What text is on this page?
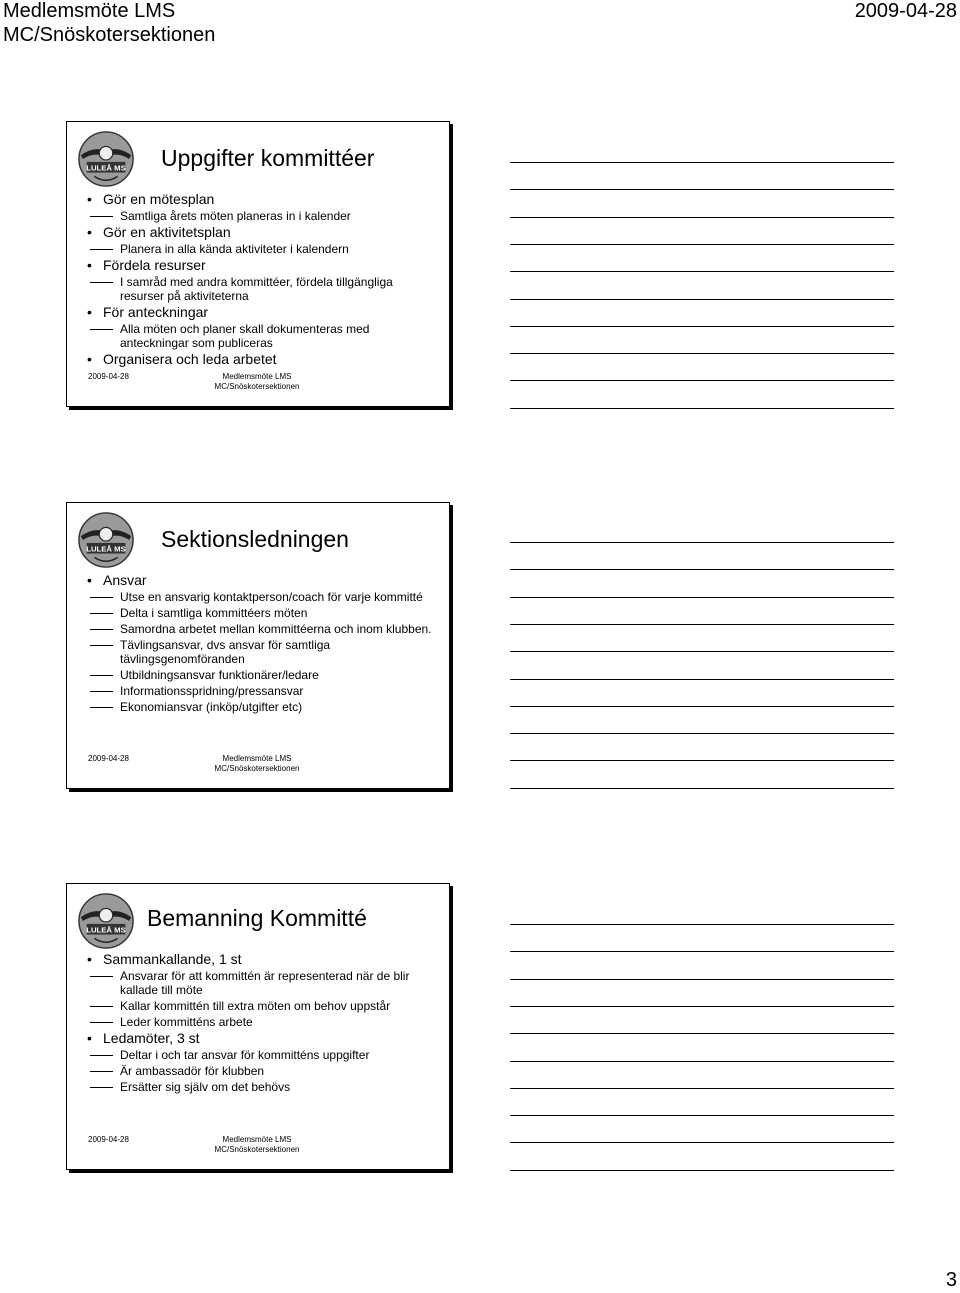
Medlemsmöte LMS
MC/Snöskotersektionen
2009-04-28
LULEÅ MS Uppgifter kommittéer
• Gör en mötesplan
Samtliga årets möten planeras in i kalender
• Gör en aktivitetsplan
Planera in alla kända aktiviteter i kalendern
• Fördela resurser
I samråd med andra kommittéer, fördela tillgängliga resurser på aktiviteterna
• För anteckningar
Alla möten och planer skall dokumenteras med anteckningar som publiceras
• Organisera och leda arbetet
2009-04-28	Medlemsmöte LMS
MC/Snöskotersektionen
LULEÅ MS Sektionsledningen
• Ansvar
Utse en ansvarig kontaktperson/coach för varje kommitté
Delta i samtliga kommittéers möten
Samordna arbetet mellan kommittéerna och inom klubben.
Tävlingsansvar, dvs ansvar för samtliga tävlingsgenomföranden
Utbildningsansvar funktionärer/ledare
Informationsspridning/pressansvar
Ekonomiansvar (inköp/utgifter etc)
2009-04-28	Medlemsmöte LMS
MC/Snöskotersektionen
LULEÅ MS Bemanning Kommitté
• Sammankallande, 1 st
Ansvarar för att kommittén är representerad när de blir kallade till möte
Kallar kommittén till extra möten om behov uppstår
Leder kommitténs arbete
• Ledamöter, 3 st
Deltar i och tar ansvar för kommitténs uppgifter
Är ambassadör för klubben
Ersätter sig själv om det behövs
2009-04-28	Medlemsmöte LMS
MC/Snöskotersektionen
3
